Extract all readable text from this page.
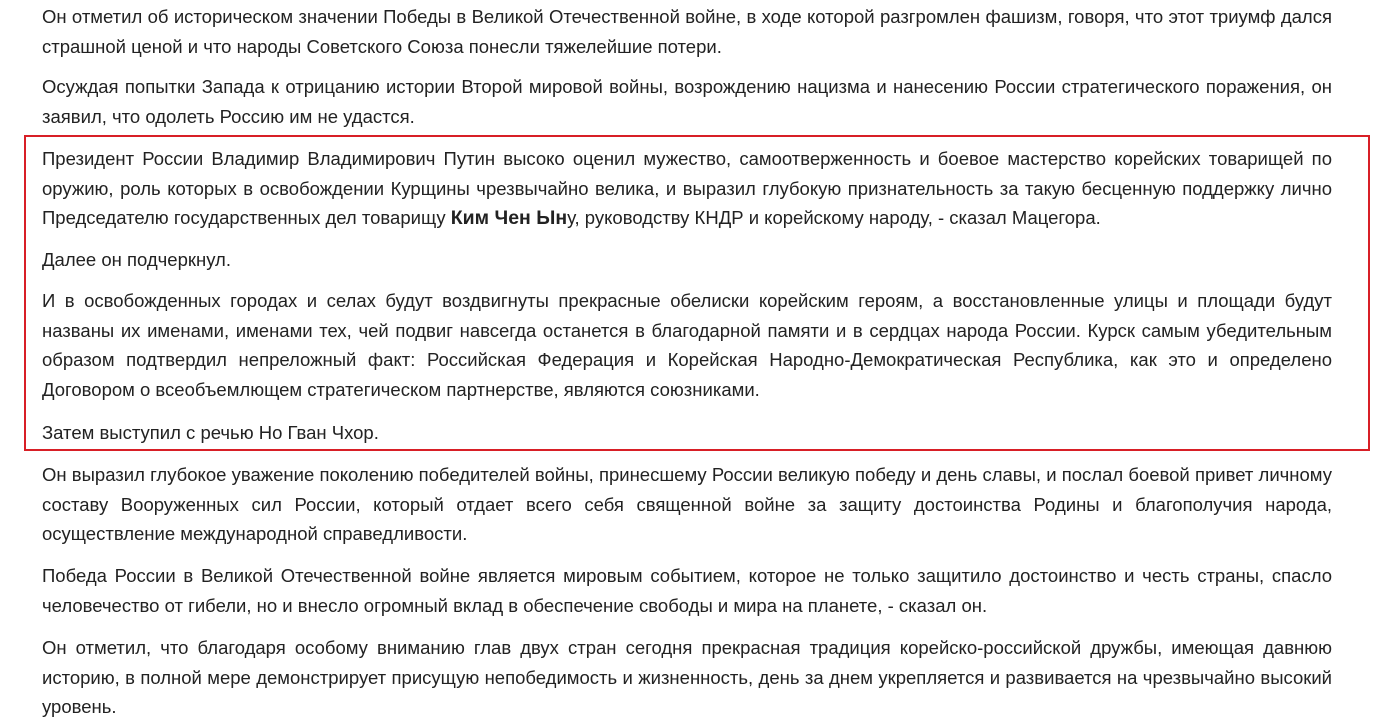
Он отметил об историческом значении Победы в Великой Отечественной войне, в ходе которой разгромлен фашизм, говоря, что этот триумф дался страшной ценой и что народы Советского Союза понесли тяжелейшие потери.

Осуждая попытки Запада к отрицанию истории Второй мировой войны, возрождению нацизма и нанесению России стратегического поражения, он заявил, что одолеть Россию им не удастся.

Президент России Владимир Владимирович Путин высоко оценил мужество, самоотверженность и боевое мастерство корейских товарищей по оружию, роль которых в освобождении Курщины чрезвычайно велика, и выразил глубокую признательность за такую бесценную поддержку лично Председателю государственных дел товарищу Ким Чен Ыну, руководству КНДР и корейскому народу, - сказал Мацегора.

Далее он подчеркнул.

И в освобожденных городах и селах будут воздвигнуты прекрасные обелиски корейским героям, а восстановленные улицы и площади будут названы их именами, именами тех, чей подвиг навсегда останется в благодарной памяти и в сердцах народа России. Курск самым убедительным образом подтвердил непреложный факт: Российская Федерация и Корейская Народно-Демократическая Республика, как это и определено Договором о всеобъемлющем стратегическом партнерстве, являются союзниками.

Затем выступил с речью Но Гван Чхор.

Он выразил глубокое уважение поколению победителей войны, принесшему России великую победу и день славы, и послал боевой привет личному составу Вооруженных сил России, который отдает всего себя священной войне за защиту достоинства Родины и благополучия народа, осуществление международной справедливости.

Победа России в Великой Отечественной войне является мировым событием, которое не только защитило достоинство и честь страны, спасло человечество от гибели, но и внесло огромный вклад в обеспечение свободы и мира на планете, - сказал он.

Он отметил, что благодаря особому вниманию глав двух стран сегодня прекрасная традиция корейско-российской дружбы, имеющая давнюю историю, в полной мере демонстрирует присущую непобедимость и жизненность, день за днем укрепляется и развивается на чрезвычайно высокий уровень.
